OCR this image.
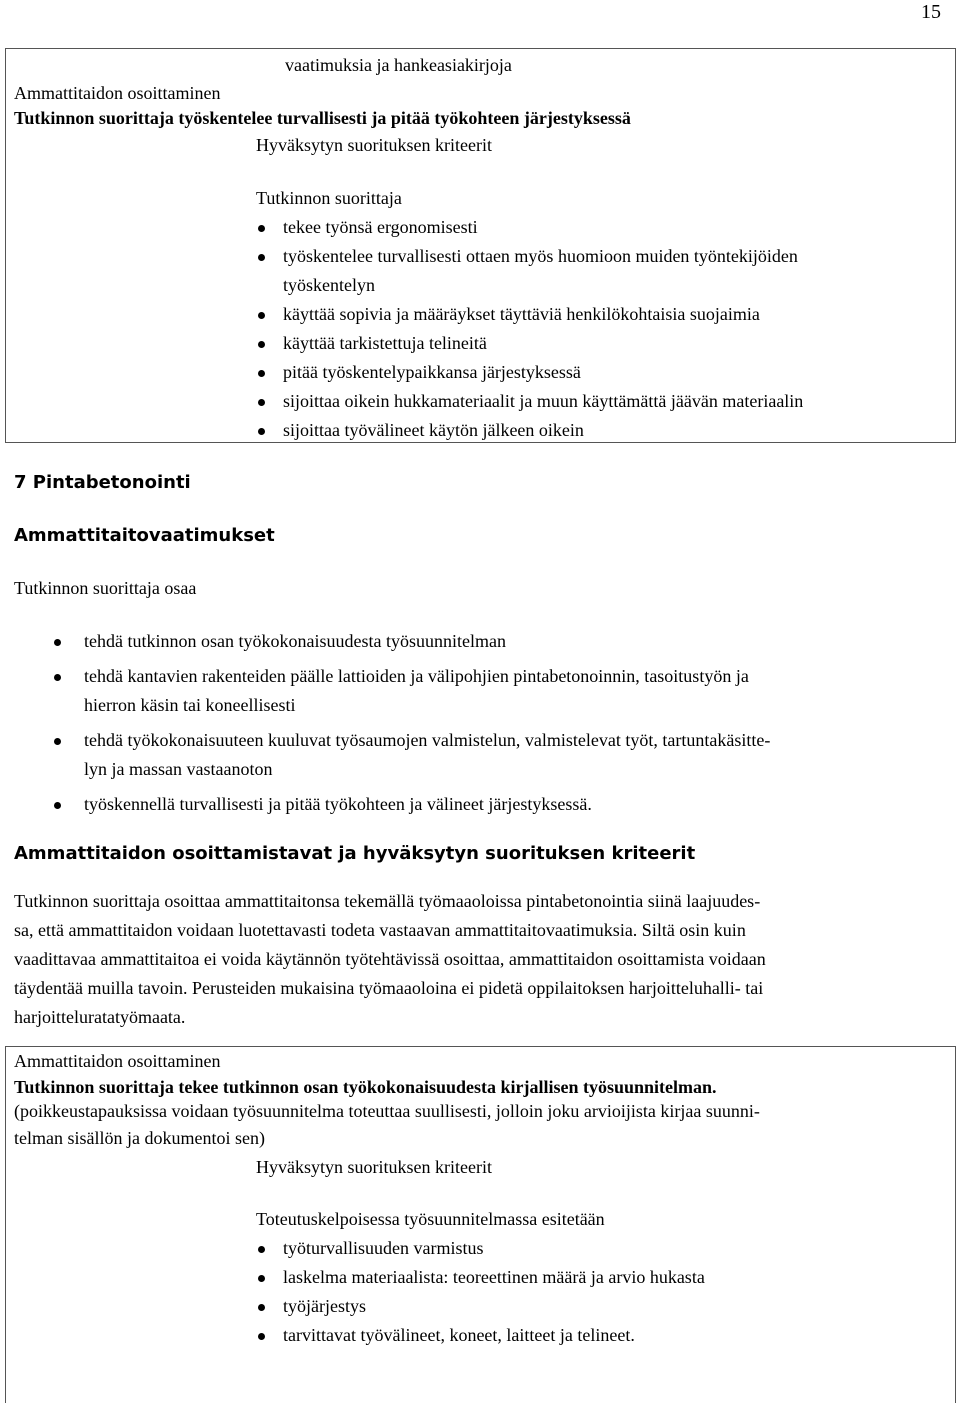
15
vaatimuksia ja hankeasiakirjoja
Ammattitaidon osoittaminen
Tutkinnon suorittaja työskentelee turvallisesti ja pitää työkohteen järjestyksessä
Hyväksytyn suorituksen kriteerit
Tutkinnon suorittaja
tekee työnsä ergonomisesti
työskentelee turvallisesti ottaen myös huomioon muiden työntekijöiden
työskentelyn
käyttää sopivia ja määräykset täyttäviä henkilökohtaisia suojaimia
käyttää tarkistettuja telineitä
pitää työskentelypaikkansa järjestyksessä
sijoittaa oikein hukkamateriaalit ja muun käyttämättä jäävän materiaalin
sijoittaa työvälineet käytön jälkeen oikein
7 Pintabetonointi
Ammattitaitovaatimukset
Tutkinnon suorittaja osaa
tehdä tutkinnon osan työkokonaisuudesta työsuunnitelman
tehdä kantavien rakenteiden päälle lattioiden ja välipohjien pintabetonoinnin, tasoitustyön ja
hierron käsin tai koneellisesti
tehdä työkokonaisuuteen kuuluvat työsaumojen valmistelun, valmistelevat työt, tartuntakäsitte-
lyn ja massan vastaanoton
työskennellä turvallisesti ja pitää työkohteen ja välineet järjestyksessä.
Ammattitaidon osoittamistavat ja hyväksytyn suorituksen kriteerit
Tutkinnon suorittaja osoittaa ammattitaitonsa tekemällä työmaaoloissa pintabetonointia siinä laajuudes-
sa, että ammattitaidon voidaan luotettavasti todeta vastaavan ammattitaitovaatimuksia. Siltä osin kuin
vaadittavaa ammattitaitoa ei voida käytännön työtehtävissä osoittaa, ammattitaidon osoittamista voidaan
täydentää muilla tavoin. Perusteiden mukaisina työmaaoloina ei pidetä oppilaitoksen harjoitteluhalli- tai
harjoitteluratatyömaata.
Ammattitaidon osoittaminen
Tutkinnon suorittaja tekee tutkinnon osan työkokonaisuudesta kirjallisen työsuunnitelman.
(poikkeustapauksissa voidaan työsuunnitelma toteuttaa suullisesti, jolloin joku arvioijista kirjaa suunni-
telman sisällön ja dokumentoi sen)
Hyväksytyn suorituksen kriteerit
Toteutuskelpoisessa työsuunnitelmassa esitetään
työturvallisuuden varmistus
laskelma materiaalista: teoreettinen määrä ja arvio hukasta
työjärjestys
tarvittavat työvälineet, koneet, laitteet ja telineet.
